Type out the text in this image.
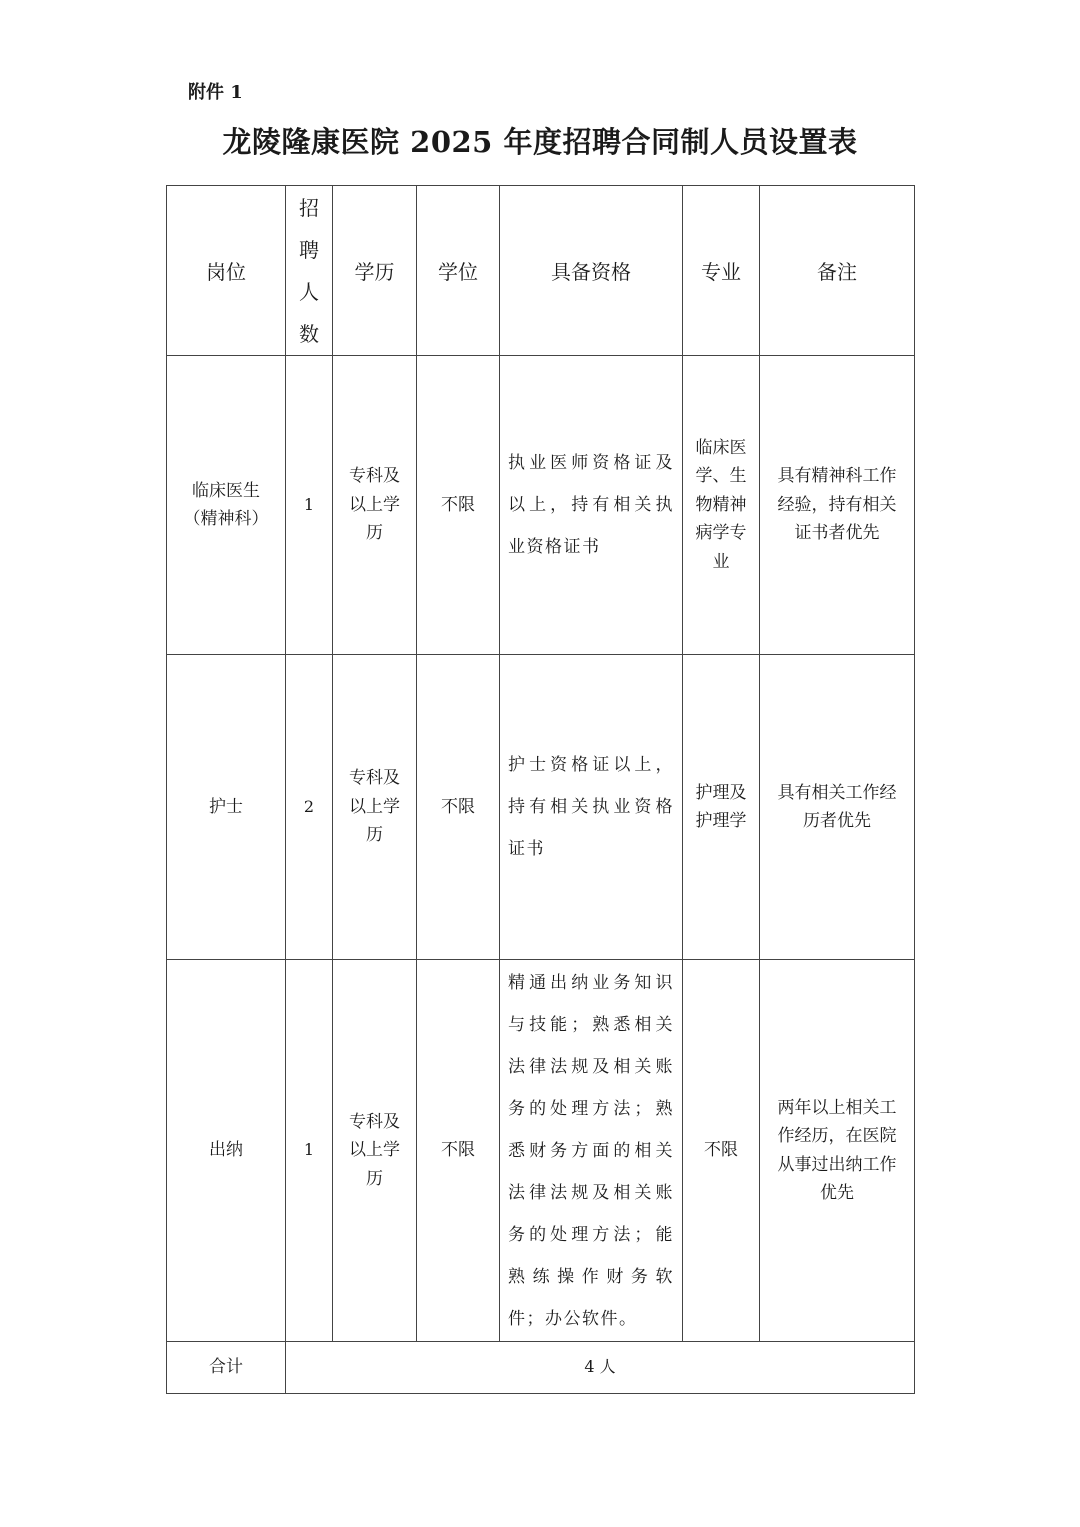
附件 1
龙陵隆康医院 2025 年度招聘合同制人员设置表
岗位	招聘人数	学历	学位	具备资格	专业	备注
临床医生（精神科）	1	专科及以上学历	不限	执业医师资格证及以上，持有相关执业资格证书	临床医学、生物精神病学专业	具有精神科工作经验，持有相关证书者优先
护士	2	专科及以上学历	不限	护士资格证以上，持有相关执业资格证书	护理及护理学	具有相关工作经历者优先
出纳	1	专科及以上学历	不限	精通出纳业务知识与技能；熟悉相关法律法规及相关账务的处理方法；熟悉财务方面的相关法律法规及相关账务的处理方法；能熟练操作财务软件；办公软件。	不限	两年以上相关工作经历，在医院从事过出纳工作优先
合计	4 人					
